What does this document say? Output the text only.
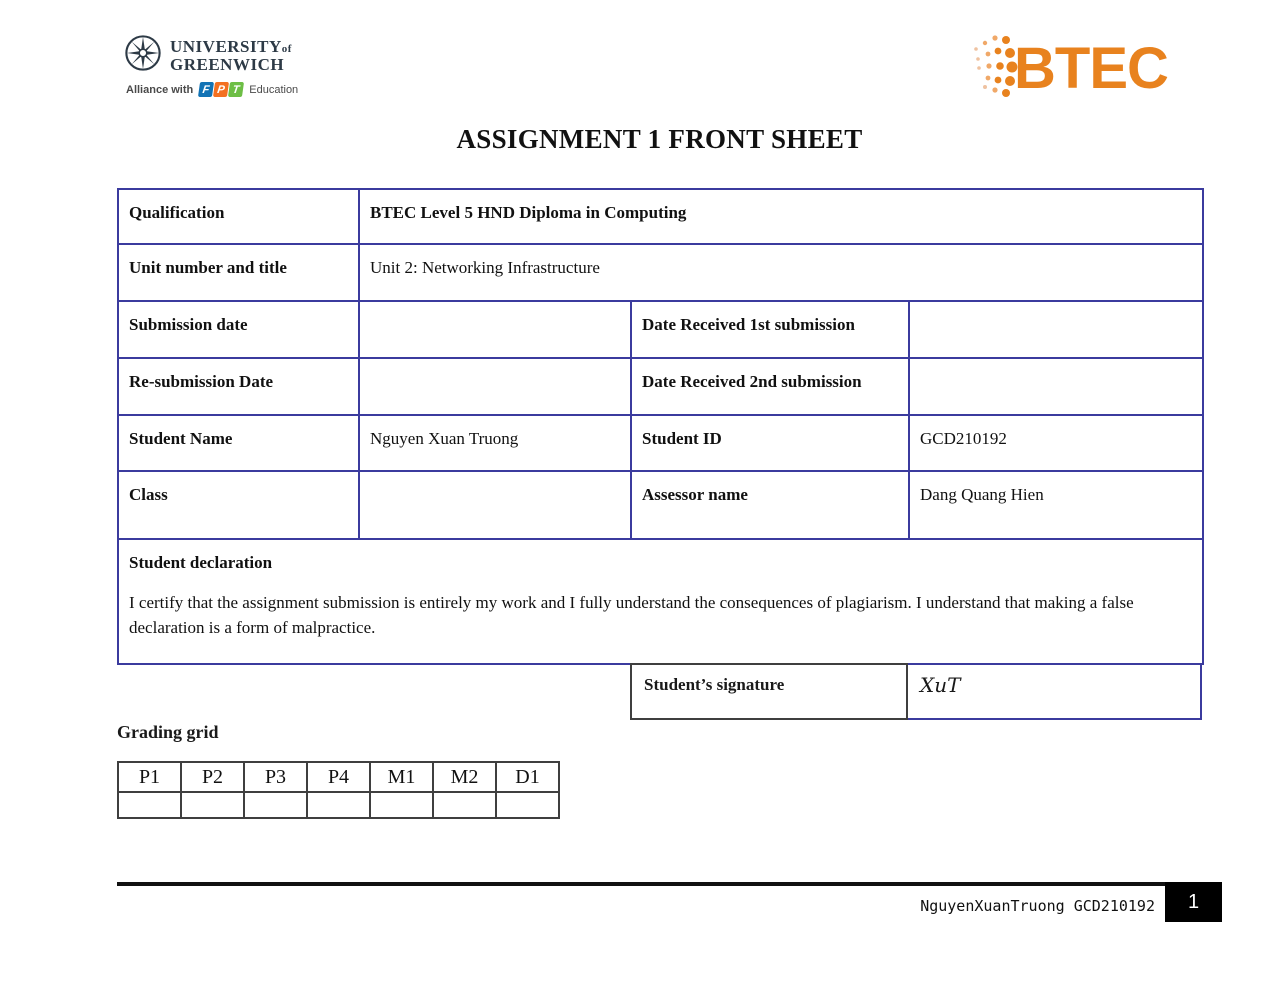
UNIVERSITYof
GREENWICH
Alliance with F P T Education	BTEC
ASSIGNMENT 1 FRONT SHEET
Qualification	BTEC Level 5 HND Diploma in Computing		
Unit number and title	Unit 2: Networking Infrastructure		
Submission date		Date Received 1st submission	
Re-submission Date		Date Received 2nd submission	
Student Name	Nguyen Xuan Truong	Student ID	GCD210192
Class		Assessor name	Dang Quang Hien

Student declaration
I certify that the assignment submission is entirely my work and I fully understand the consequences of plagiarism. I understand that making a false declaration is a form of malpractice.			
Student’s signature	XuT
Grading grid
P1	P2	P3	P4	M1	M2	D1

NguyenXuanTruong GCD210192	1
